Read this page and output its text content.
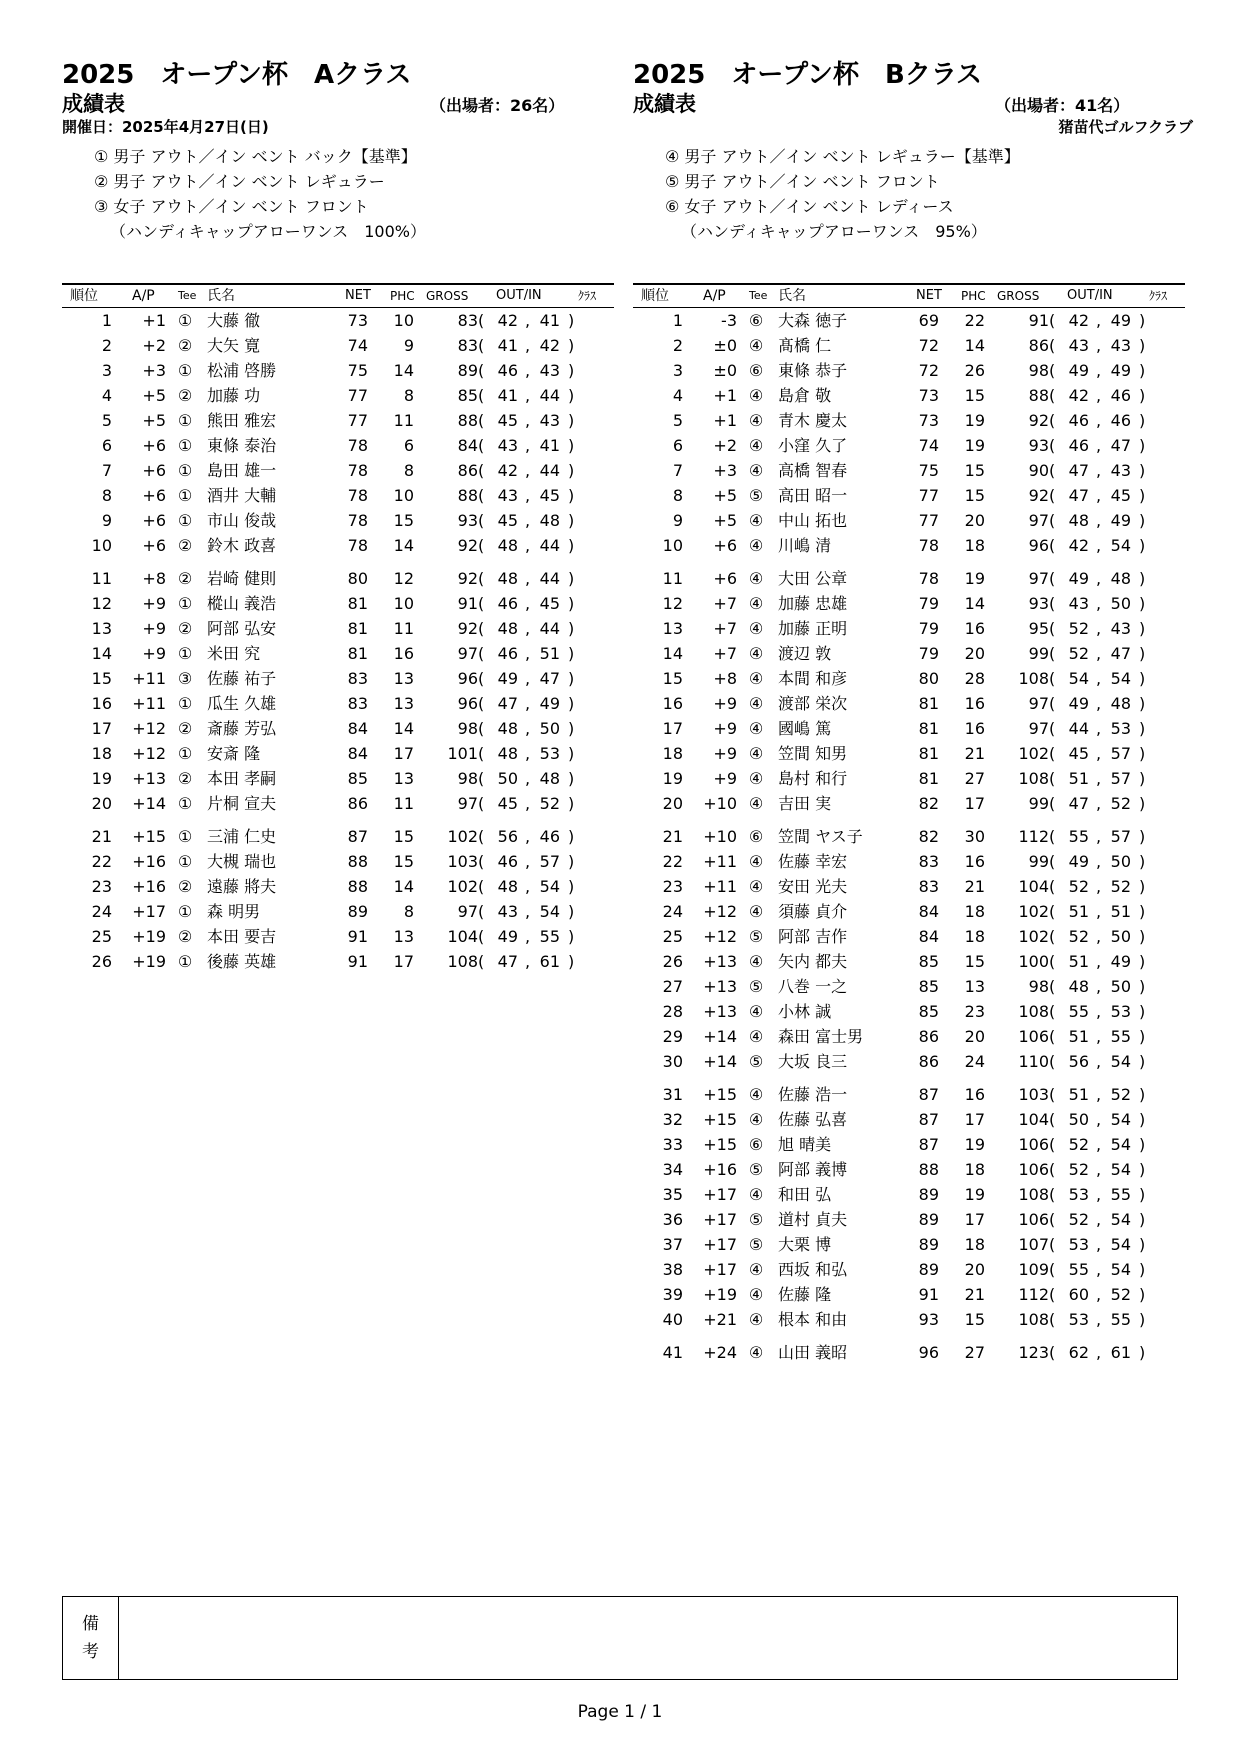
2025　オープン杯　Aクラス
成績表	（出場者：26名）
開催日：2025年4月27日(日)
① 男子 アウト／イン ベント バック【基準】
② 男子 アウト／イン ベント レギュラー
③ 女子 アウト／イン ベント フロント
（ハンディキャップアローワンス　100%）
2025　オープン杯　Bクラス
成績表	（出場者：41名）
猪苗代ゴルフクラブ
④ 男子 アウト／イン ベント レギュラー【基準】
⑤ 男子 アウト／イン ベント フロント
⑥ 女子 アウト／イン ベント レディース
（ハンディキャップアローワンス　95%）
順位 A/P Tee 氏名	NET PHC GROSS OUT/IN	ｸﾗｽ
1	+1 ① 大藤 徹	73	10	83 ( 42 , 41 )
2	+2 ② 大矢 寛	74	9	83 ( 41 , 42 )
3	+3 ① 松浦 啓勝	75	14	89 ( 46 , 43 )
4	+5 ② 加藤 功	77	8	85 ( 41 , 44 )
5	+5 ① 熊田 雅宏	77	11	88 ( 45 , 43 )
6	+6 ① 東條 泰治	78	6	84 ( 43 , 41 )
7	+6 ① 島田 雄一	78	8	86 ( 42 , 44 )
8	+6 ① 酒井 大輔	78	10	88 ( 43 , 45 )
9	+6 ① 市山 俊哉	78	15	93 ( 45 , 48 )
10	+6 ② 鈴木 政喜	78	14	92 ( 48 , 44 )
11	+8 ② 岩崎 健則	80	12	92 ( 48 , 44 )
12	+9 ① 樅山 義浩	81	10	91 ( 46 , 45 )
13	+9 ② 阿部 弘安	81	11	92 ( 48 , 44 )
14	+9 ① 米田 究	81	16	97 ( 46 , 51 )
15	+11 ③ 佐藤 祐子	83	13	96 ( 49 , 47 )
16	+11 ① 瓜生 久雄	83	13	96 ( 47 , 49 )
17	+12 ② 斎藤 芳弘	84	14	98 ( 48 , 50 )
18	+12 ① 安斎 隆	84	17	101 ( 48 , 53 )
19	+13 ② 本田 孝嗣	85	13	98 ( 50 , 48 )
20	+14 ① 片桐 宣夫	86	11	97 ( 45 , 52 )
21	+15 ① 三浦 仁史	87	15	102 ( 56 , 46 )
22	+16 ① 大槻 瑞也	88	15	103 ( 46 , 57 )
23	+16 ② 遠藤 將夫	88	14	102 ( 48 , 54 )
24	+17 ① 森 明男	89	8	97 ( 43 , 54 )
25	+19 ② 本田 要吉	91	13	104 ( 49 , 55 )
26	+19 ① 後藤 英雄	91	17	108 ( 47 , 61 )
順位 A/P Tee 氏名	NET PHC GROSS OUT/IN	ｸﾗｽ
1	-3 ⑥ 大森 徳子	69	22	91 ( 42 , 49 )
2	±0 ④ 髙橋 仁	72	14	86 ( 43 , 43 )
3	±0 ⑥ 東條 恭子	72	26	98 ( 49 , 49 )
4	+1 ④ 島倉 敬	73	15	88 ( 42 , 46 )
5	+1 ④ 青木 慶太	73	19	92 ( 46 , 46 )
6	+2 ④ 小窪 久了	74	19	93 ( 46 , 47 )
7	+3 ④ 高橋 智春	75	15	90 ( 47 , 43 )
8	+5 ⑤ 高田 昭一	77	15	92 ( 47 , 45 )
9	+5 ④ 中山 拓也	77	20	97 ( 48 , 49 )
10	+6 ④ 川嶋 清	78	18	96 ( 42 , 54 )
11	+6 ④ 大田 公章	78	19	97 ( 49 , 48 )
12	+7 ④ 加藤 忠雄	79	14	93 ( 43 , 50 )
13	+7 ④ 加藤 正明	79	16	95 ( 52 , 43 )
14	+7 ④ 渡辺 敦	79	20	99 ( 52 , 47 )
15	+8 ④ 本間 和彦	80	28	108 ( 54 , 54 )
16	+9 ④ 渡部 栄次	81	16	97 ( 49 , 48 )
17	+9 ④ 國嶋 篤	81	16	97 ( 44 , 53 )
18	+9 ④ 笠間 知男	81	21	102 ( 45 , 57 )
19	+9 ④ 島村 和行	81	27	108 ( 51 , 57 )
20	+10 ④ 吉田 実	82	17	99 ( 47 , 52 )
21	+10 ⑥ 笠間 ヤス子	82	30	112 ( 55 , 57 )
22	+11 ④ 佐藤 幸宏	83	16	99 ( 49 , 50 )
23	+11 ④ 安田 光夫	83	21	104 ( 52 , 52 )
24	+12 ④ 須藤 貞介	84	18	102 ( 51 , 51 )
25	+12 ⑤ 阿部 吉作	84	18	102 ( 52 , 50 )
26	+13 ④ 矢内 都夫	85	15	100 ( 51 , 49 )
27	+13 ⑤ 八巻 一之	85	13	98 ( 48 , 50 )
28	+13 ④ 小林 誠	85	23	108 ( 55 , 53 )
29	+14 ④ 森田 富士男	86	20	106 ( 51 , 55 )
30	+14 ⑤ 大坂 良三	86	24	110 ( 56 , 54 )
31	+15 ④ 佐藤 浩一	87	16	103 ( 51 , 52 )
32	+15 ④ 佐藤 弘喜	87	17	104 ( 50 , 54 )
33	+15 ⑥ 旭 晴美	87	19	106 ( 52 , 54 )
34	+16 ⑤ 阿部 義博	88	18	106 ( 52 , 54 )
35	+17 ④ 和田 弘	89	19	108 ( 53 , 55 )
36	+17 ⑤ 道村 貞夫	89	17	106 ( 52 , 54 )
37	+17 ⑤ 大栗 博	89	18	107 ( 53 , 54 )
38	+17 ④ 西坂 和弘	89	20	109 ( 55 , 54 )
39	+19 ④ 佐藤 隆	91	21	112 ( 60 , 52 )
40	+21 ④ 根本 和由	93	15	108 ( 53 , 55 )
41	+24 ④ 山田 義昭	96	27	123 ( 62 , 61 )
備
考
Page 1 / 1
